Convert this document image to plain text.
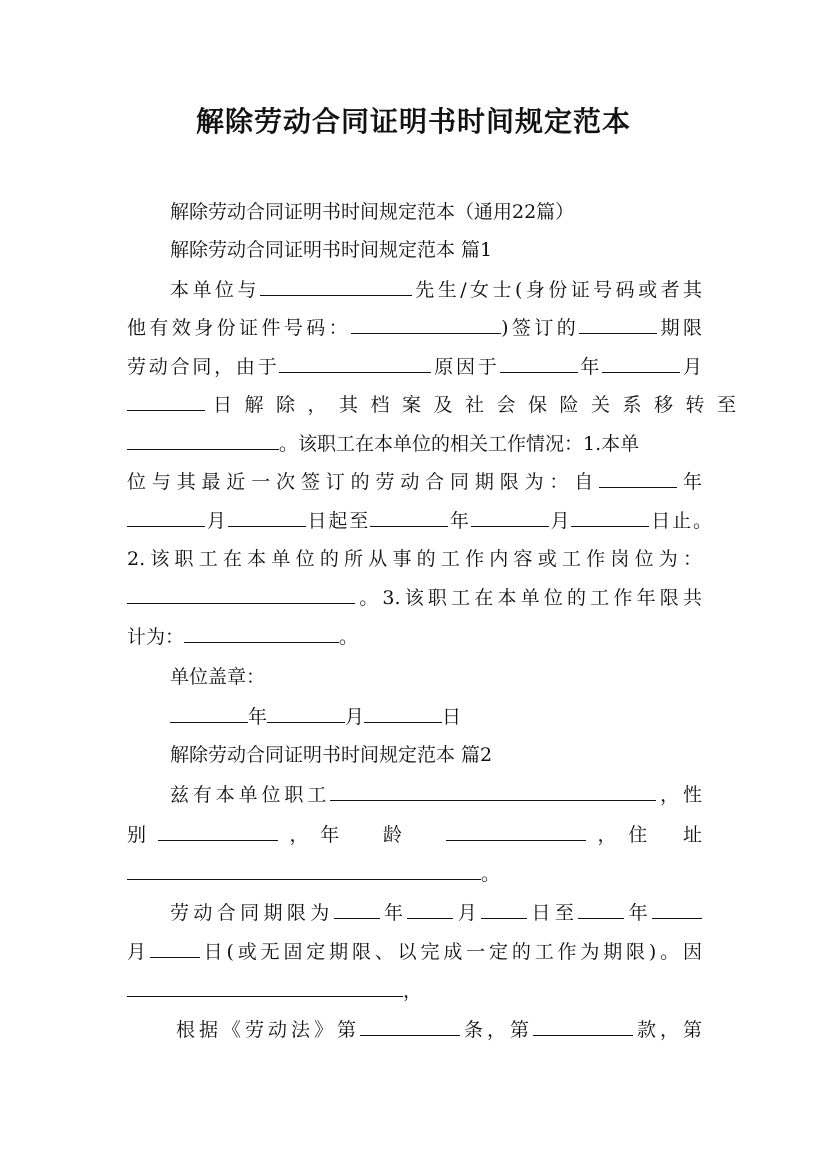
解除劳动合同证明书时间规定范本
解除劳动合同证明书时间规定范本（通用22篇）
解除劳动合同证明书时间规定范本 篇1
本单位与	先生/女士(身份证号码或者其
他有效身份证件号码：	)签订的	期限
劳动合同，由于	原因于	年	月
日解除，其档案及社会保险关系移转至
。该职工在本单位的相关工作情况：1.本单
位与其最近一次签订的劳动合同期限为：自	年
月	日起至	年	月	日止。
2.该职工在本单位的所从事的工作内容或工作岗位为：
。3.该职工在本单位的工作年限共
计为：	。
单位盖章：
年	月	日
解除劳动合同证明书时间规定范本 篇2
兹有本单位职工	，性
别	，年龄	，住址
。
劳动合同期限为 年 月 日至 年
月	日(或无固定期限、以完成一定的工作为期限)。因
，
根据《劳动法》第	条，第	款，第
